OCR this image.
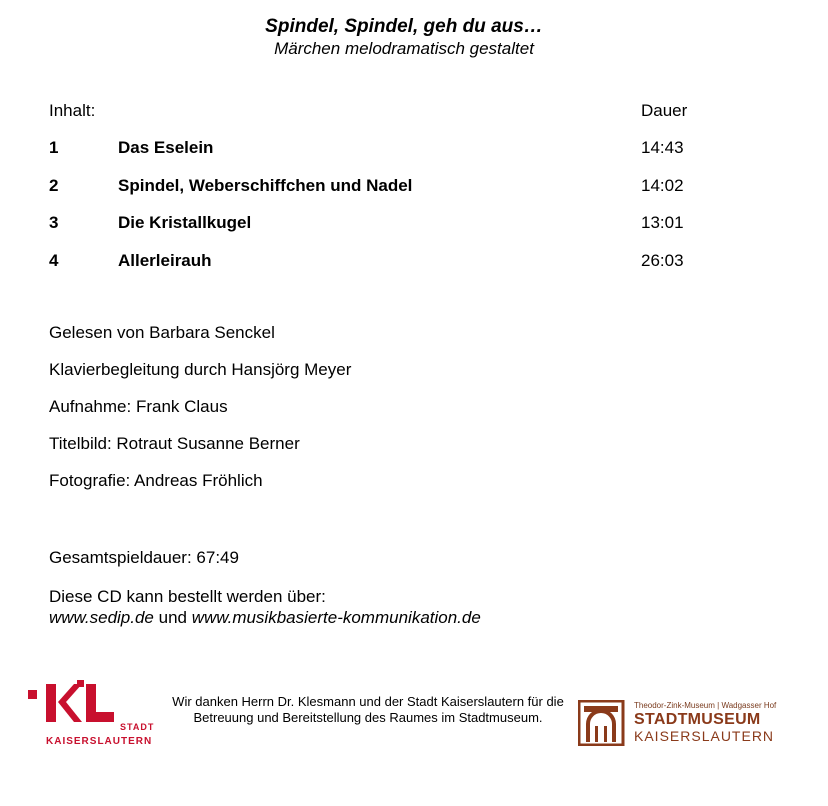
Spindel, Spindel, geh du aus…
Märchen melodramatisch gestaltet
Inhalt:	Dauer
1	Das Eselein	14:43
2	Spindel, Weberschiffchen und Nadel	14:02
3	Die Kristallkugel	13:01
4	Allerleirauh	26:03
Gelesen von Barbara Senckel
Klavierbegleitung durch Hansjörg Meyer
Aufnahme: Frank Claus
Titelbild: Rotraut Susanne Berner
Fotografie: Andreas Fröhlich
Gesamtspieldauer: 67:49
Diese CD kann bestellt werden über:
www.sedip.de und www.musikbasierte-kommunikation.de
Wir danken Herrn Dr. Klesmann und der Stadt Kaiserslautern für die Betreuung und Bereitstellung des Raumes im Stadtmuseum.
STADT
KAISERSLAUTERN
Theodor-Zink-Museum | Wadgasser Hof
STADTMUSEUM
KAISERSLAUTERN
